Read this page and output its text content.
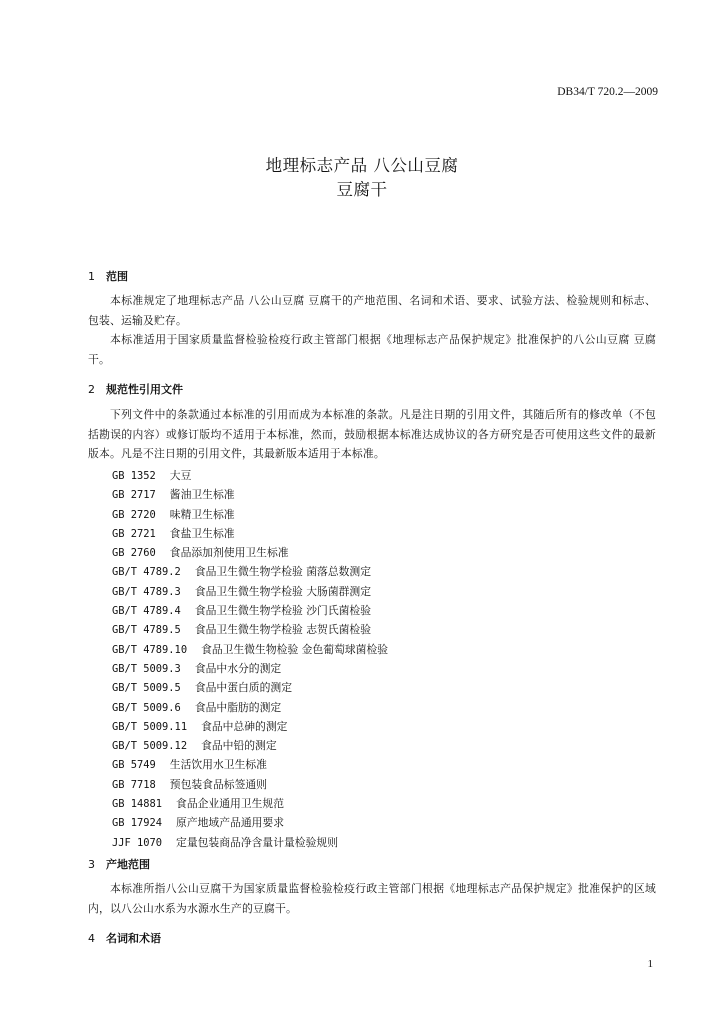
DB34/T 720.2—2009
地理标志产品 八公山豆腐
豆腐干
1 范围
本标准规定了地理标志产品 八公山豆腐 豆腐干的产地范围、名词和术语、要求、试验方法、检验规则和标志、包装、运输及贮存。
本标准适用于国家质量监督检验检疫行政主管部门根据《地理标志产品保护规定》批准保护的八公山豆腐 豆腐干。
2 规范性引用文件
下列文件中的条款通过本标准的引用而成为本标准的条款。凡是注日期的引用文件，其随后所有的修改单（不包括勘误的内容）或修订版均不适用于本标准，然而，鼓励根据本标准达成协议的各方研究是否可使用这些文件的最新版本。凡是不注日期的引用文件，其最新版本适用于本标准。
GB 1352 大豆
GB 2717 酱油卫生标准
GB 2720 味精卫生标准
GB 2721 食盐卫生标准
GB 2760 食品添加剂使用卫生标准
GB/T 4789.2 食品卫生微生物学检验 菌落总数测定
GB/T 4789.3 食品卫生微生物学检验 大肠菌群测定
GB/T 4789.4 食品卫生微生物学检验 沙门氏菌检验
GB/T 4789.5 食品卫生微生物学检验 志贺氏菌检验
GB/T 4789.10 食品卫生微生物检验 金色葡萄球菌检验
GB/T 5009.3 食品中水分的测定
GB/T 5009.5 食品中蛋白质的测定
GB/T 5009.6 食品中脂肪的测定
GB/T 5009.11 食品中总砷的测定
GB/T 5009.12 食品中铅的测定
GB 5749 生活饮用水卫生标准
GB 7718 预包装食品标签通则
GB 14881 食品企业通用卫生规范
GB 17924 原产地域产品通用要求
JJF 1070 定量包装商品净含量计量检验规则
3 产地范围
本标准所指八公山豆腐干为国家质量监督检验检疫行政主管部门根据《地理标志产品保护规定》批准保护的区域内，以八公山水系为水源水生产的豆腐干。
4 名词和术语
1
